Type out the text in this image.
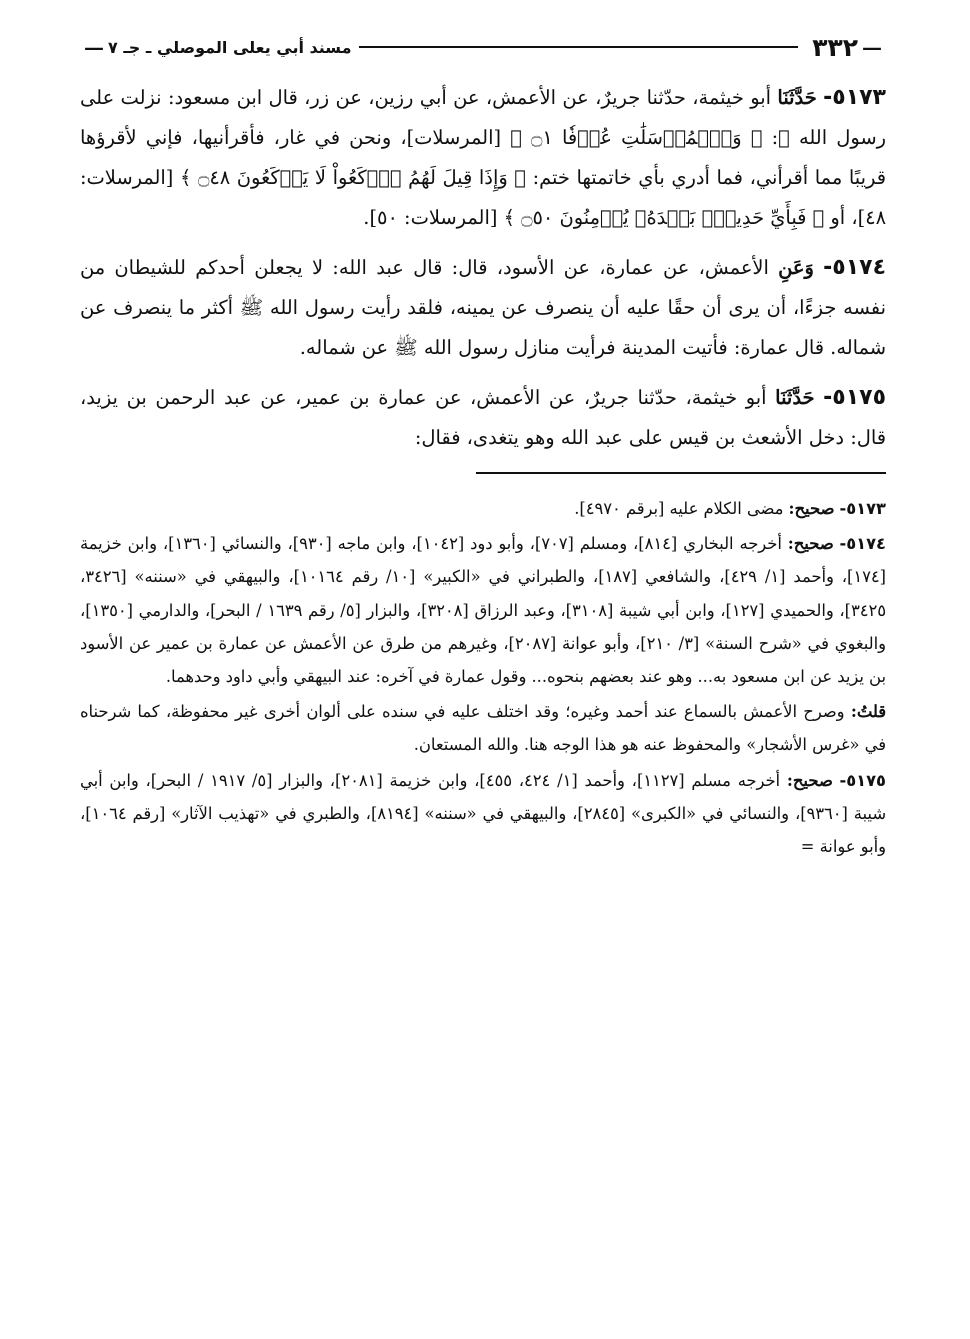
—
٣٣٢
مسند أبي يعلى الموصلي ـ جـ ٧
—

٥١٧٣- حَدَّثَنَا أبو خيثمة، حدّثنا جريرٌ، عن الأعمش، عن أبي رزين، عن زر، قال ابن مسعود: نزلت على رسول الله ﷺ: ﴿ وَٱلۡمُرۡسَلَٰتِ عُرۡفٗا ۝١ ﴾ [المرسلات]، ونحن في غار، فأقرأنيها، فإني لأقرؤها قريبًا مما أقرأني، فما أدري بأي خاتمتها ختم: ﴿ وَإِذَا قِيلَ لَهُمُ ٱرۡكَعُواْ لَا يَرۡكَعُونَ ۝٤٨ ﴾ [المرسلات: ٤٨]، أو ﴿ فَبِأَيِّ حَدِيثِۭ بَعۡدَهُۥ يُؤۡمِنُونَ ۝٥٠ ﴾ [المرسلات: ٥٠].

٥١٧٤- وَعَنِ الأعمش، عن عمارة، عن الأسود، قال: قال عبد الله: لا يجعلن أحدكم للشيطان من نفسه جزءًا، أن يرى أن حقًا عليه أن ينصرف عن يمينه، فلقد رأيت رسول الله ﷺ أكثر ما ينصرف عن شماله. قال عمارة: فأتيت المدينة فرأيت منازل رسول الله ﷺ عن شماله.

٥١٧٥- حَدَّثَنَا أبو خيثمة، حدّثنا جريرٌ، عن الأعمش، عن عمارة بن عمير، عن عبد الرحمن بن يزيد، قال: دخل الأشعث بن قيس على عبد الله وهو يتغدى، فقال:

٥١٧٣- صحيح: مضى الكلام عليه [برقم ٤٩٧٠].

٥١٧٤- صحيح: أخرجه البخاري [٨١٤]، ومسلم [٧٠٧]، وأبو دود [١٠٤٢]، وابن ماجه [٩٣٠]، والنسائي [١٣٦٠]، وابن خزيمة [١٧٤]، وأحمد [١/ ٤٢٩]، والشافعي [١٨٧]، والطبراني في «الكبير» [١٠/ رقم ١٠١٦٤]، والبيهقي في «سننه» [٣٤٢٦، ٣٤٢٥]، والحميدي [١٢٧]، وابن أبي شيبة [٣١٠٨]، وعبد الرزاق [٣٢٠٨]، والبزار [٥/ رقم ١٦٣٩ / البحر]، والدارمي [١٣٥٠]، والبغوي في «شرح السنة» [٣/ ٢١٠]، وأبو عوانة [٢٠٨٧]، وغيرهم من طرق عن الأعمش عن عمارة بن عمير عن الأسود بن يزيد عن ابن مسعود به... وهو عند بعضهم بنحوه... وقول عمارة في آخره: عند البيهقي وأبي داود وحدهما.

قلتُ: وصرح الأعمش بالسماع عند أحمد وغيره؛ وقد اختلف عليه في سنده على ألوان أخرى غير محفوظة، كما شرحناه في «غرس الأشجار» والمحفوظ عنه هو هذا الوجه هنا. والله المستعان.

٥١٧٥- صحيح: أخرجه مسلم [١١٢٧]، وأحمد [١/ ٤٢٤، ٤٥٥]، وابن خزيمة [٢٠٨١]، والبزار [٥/ ١٩١٧ / البحر]، وابن أبي شيبة [٩٣٦٠]، والنسائي في «الكبرى» [٢٨٤٥]، والبيهقي في «سننه» [٨١٩٤]، والطبري في «تهذيب الآثار» [رقم ١٠٦٤]، وأبو عوانة =
